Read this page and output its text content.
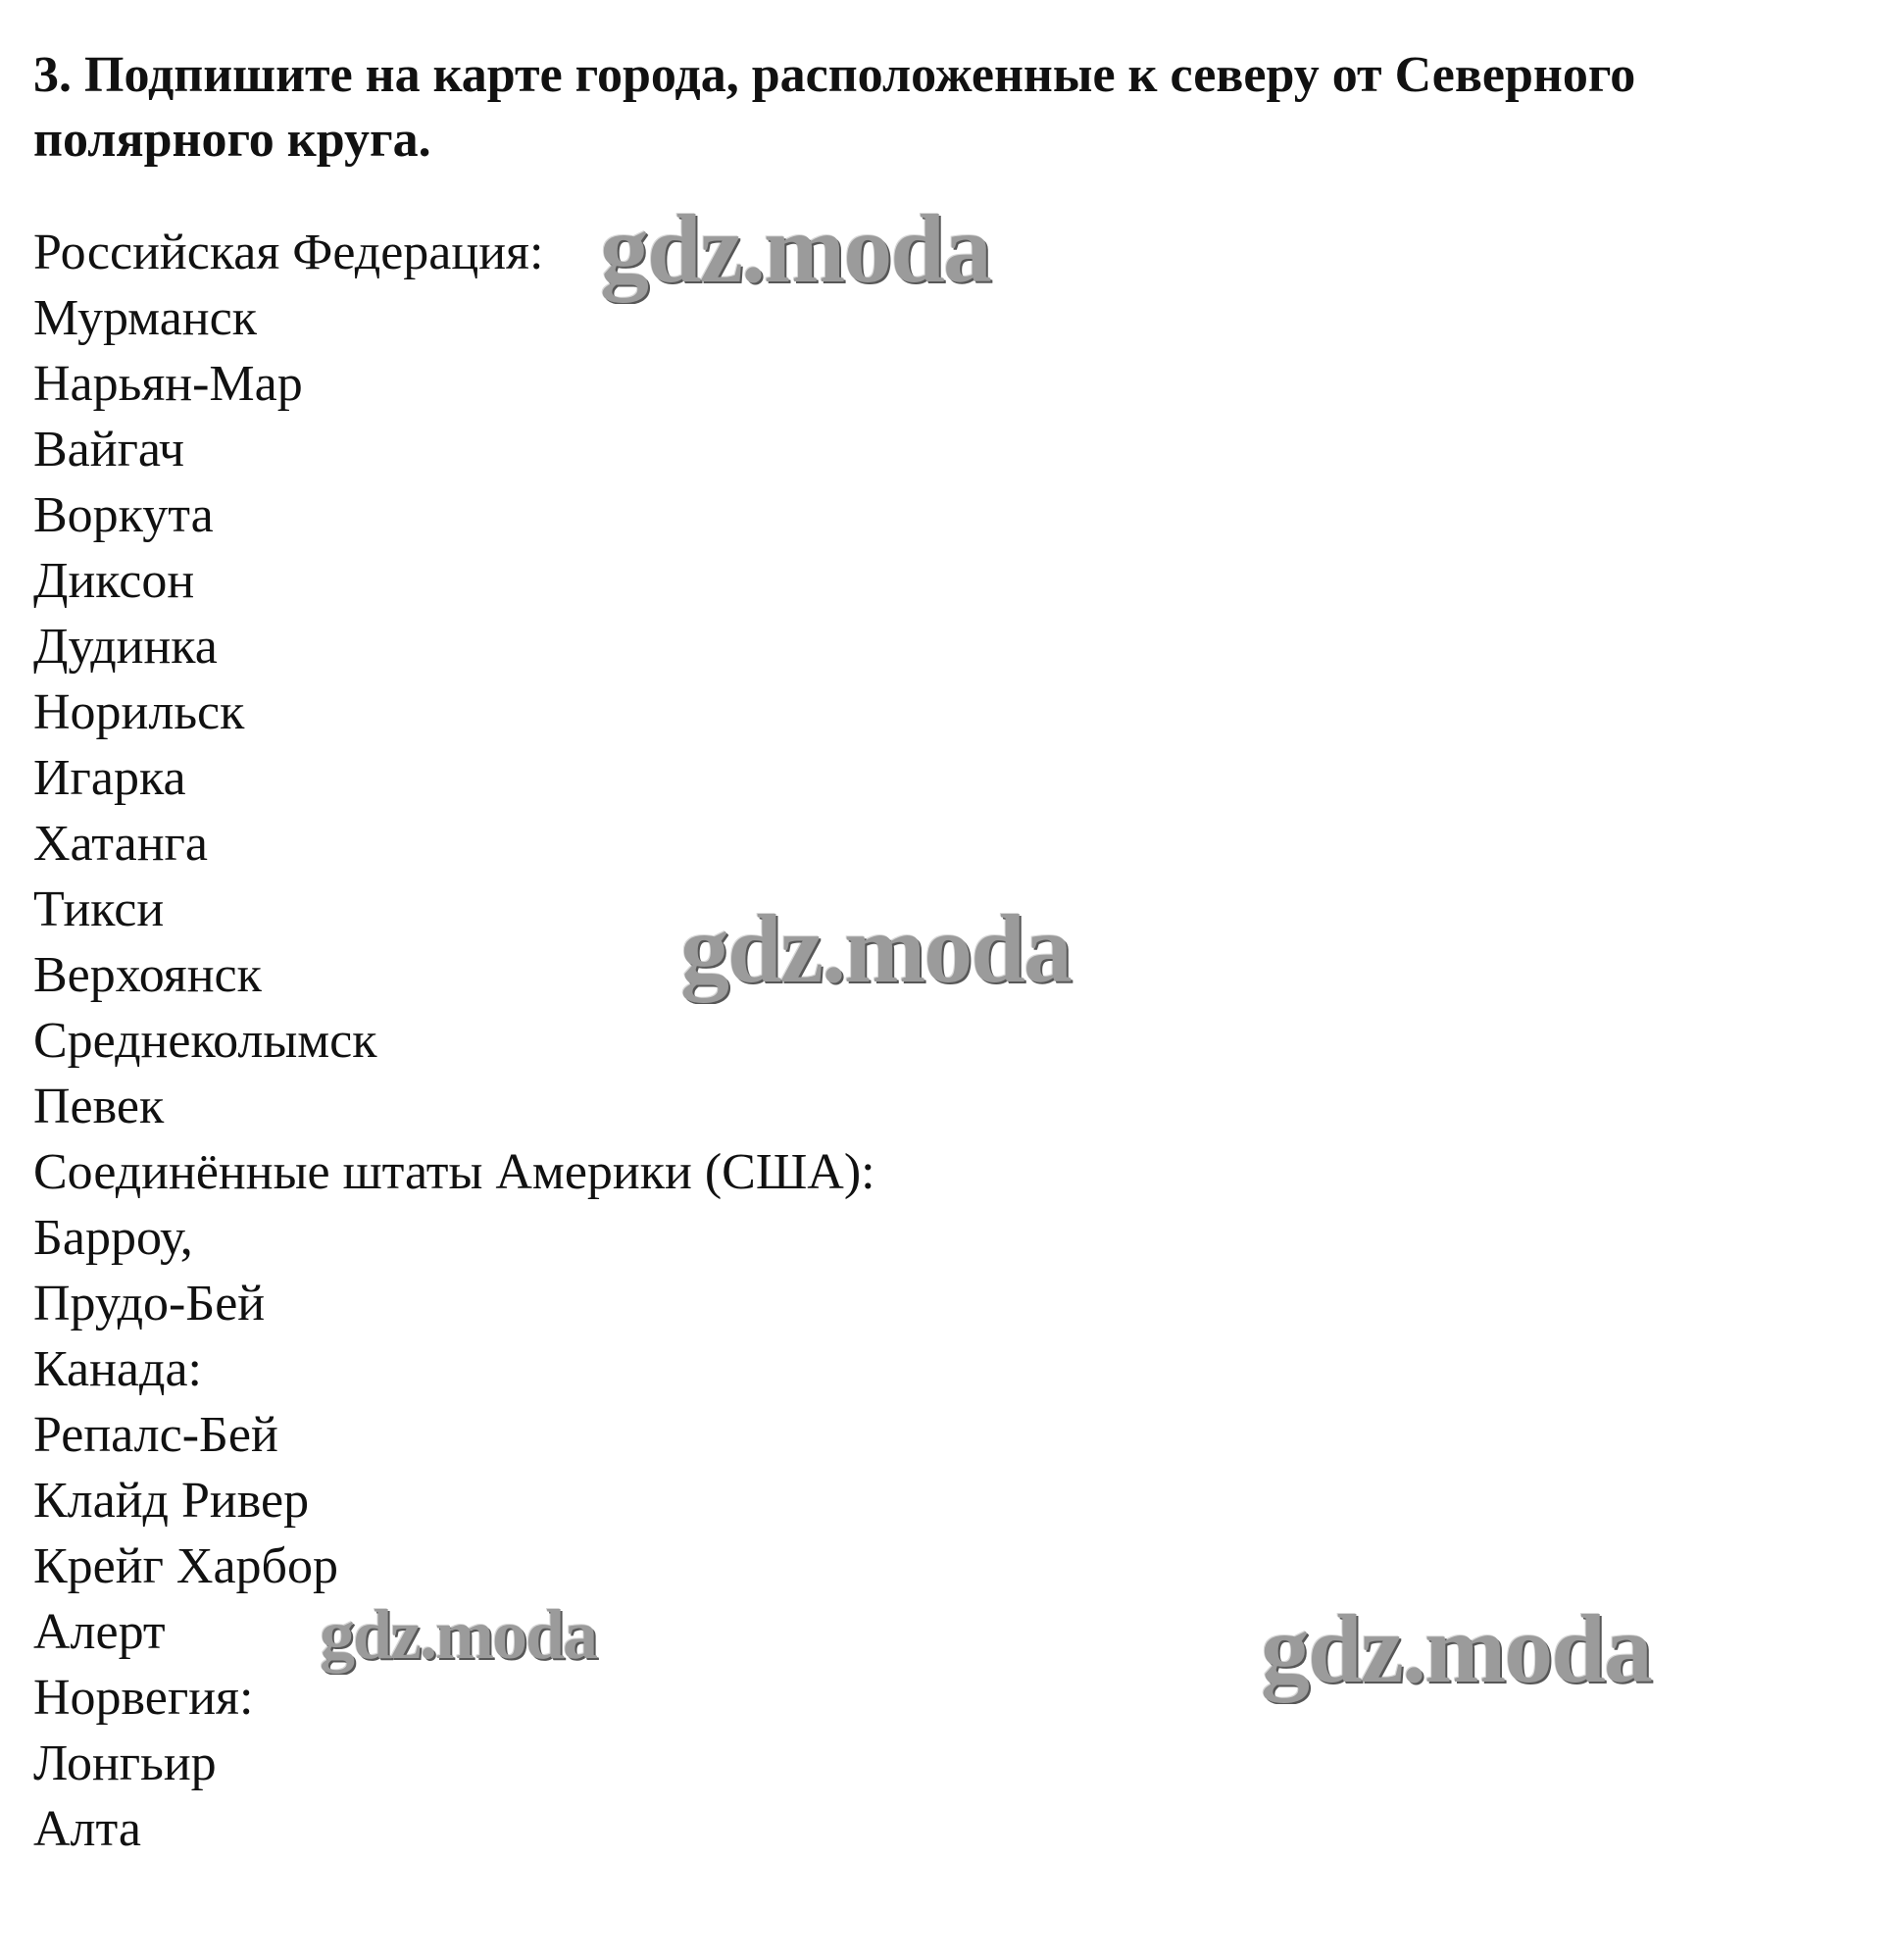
3. Подпишите на карте города, расположенные к северу от Северного полярного круга.

Российская Федерация:
Мурманск
Нарьян-Мар
Вайгач
Воркута
Диксон
Дудинка
Норильск
Игарка
Хатанга
Тикси
Верхоянск
Среднеколымск
Певек
Соединённые штаты Америки (США):
Барроу,
Прудо-Бей
Канада:
Репалс-Бей
Клайд Ривер
Крейг Харбор
Алерт
Норвегия:
Лонгьир
Алта
gdz.moda
gdz.moda
gdz.moda	gdz.moda
